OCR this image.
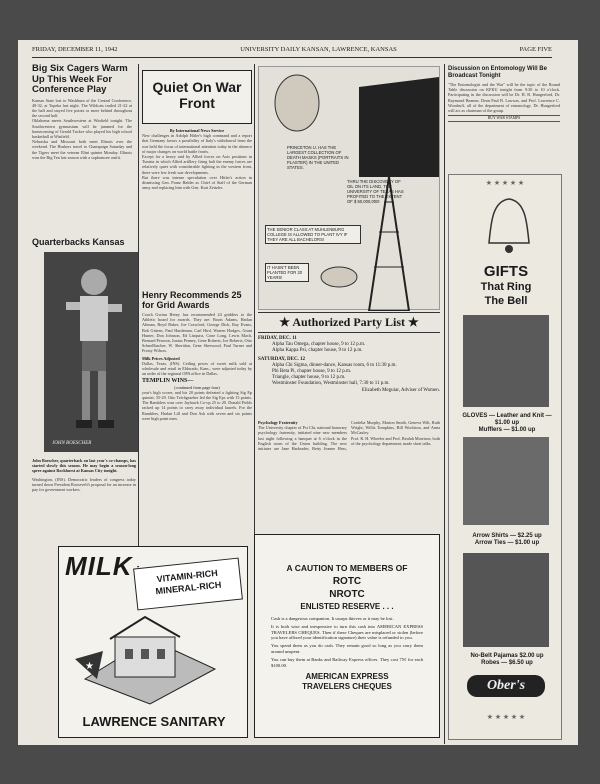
FRIDAY, DECEMBER 11, 1942	UNIVERSITY DAILY KANSAN, LAWRENCE, KANSAS	PAGE FIVE
Big Six Cagers Warm Up This Week For Conference Play

Kansas State lost to Washburn of the Central Conference, 48-32, at Topeka last night. The Wildcats trailed 21-22 at the half and stayed five points or more behind throughout the second half.

Oklahoma meets Southwestern at Winfield tonight. The Southwestern gymnasium will be jammed for the homecoming of Gerald Tucker who played his high school basketball at Winfield.

Nebraska and Missouri both meet Illinois over the weekend. The Huskers travel to Champaign Saturday and the Tigers meet the veteran Illini quintet Monday. Illinois won the Big Ten last season with a sophomore outfit.

Quarterbacks Kansas
JOHN BOESCHER

John Boescher, quarterback on last year's co-champs, has started slowly this season. He may begin a season-long spree against Rockhurst at Kansas City tonight.

Washington, (INS). Democratic leaders of congress today turned down President Roosevelt's proposal for an increase in pay for government workers.

Quiet On War Front

By International News Service

New challenges in Adolph Hitler's high command and a report that Germany favors a possibility of Italy's withdrawal from the war held the focus of international attention today in the absence of major changes on world battle fronts.

Except for a heavy raid by Allied forces on Axis positions in Tunisia in which Allied artillery firing halt the enemy forces are relatively quiet with considerable fighting in the western front, there were few fresh war developments.

But there was intense speculation over Hitler's action in dismissing Gen. Franz Halder as Chief of Staff of the German army and replacing him with Gen. Kurt Zeitzler.

Henry Recommends 25 for Grid Awards

Coach Gwinn Henry has recommended 24 gridders to the Athletic board for awards. They are: Boots Adams, Harlan Altman, Boyd Baker, Joe Crawford, George Dick, Ray Evans, Bob Gittens, Paul Hardeman, Carl Hird, Warren Hodges, Grant Hunter, Don Johnson, Ed Linquist, Cone Long, Lewis Mach, Bernard Pearson, Junius Penney, Gene Roberts, Joe Roberts, Otto Schnellbacher, W. Sheridan, Gene Sherwood, Paul Turner and Frosty Wilson.

Milk Prices Adjusted

Dallas, Texas, (INS). Ceiling prices of sweet milk sold at wholesale and retail in Eldorado, Kans., were adjusted today by an order of the regional OPA office in Dallas.

TEMPLIN WINS—

(continued from page four)

year's high scorer, and his 20 points defeated a fighting Sig Ep quintet, 35-29. Otto Teichgraeber led the Sig Eps with 15 points. The Ramblers won over Jayhawk Co-op 25 to 20. Donald Fields racked up 14 points to carry away individual laurels. For the Ramblers, Harlan Lill and Don Ash with seven and six points were high point men.

PRINCETON U. HAS THE LARGEST COLLECTION OF DEATH MASKS (PORTRAITS IN PLASTER) IN THE UNITED STATES.
THRU THE DISCOVERY OF OIL ON ITS LAND, THE UNIVERSITY OF TEXAS HAS PROFITED TO THE EXTENT OF $ 50,000,000!
THE SENIOR CLASS AT MUHLENBURG COLLEGE IS ALLOWED TO PLANT IVY IF THEY ARE ALL BACHELORS!
IT HASN'T BEEN PLANTED FOR 20 YEARS!
★ Authorized Party List ★
FRIDAY, DEC. 11
Alpha Tau Omega, chapter house, 9 to 12 p.m.
Alpha Kappa Psi, chapter house, 9 to 12 p.m.
SATURDAY, DEC. 12
Alpha Chi Sigma, dinner-dance, Kansas room, 6 to 11:30 p.m.
Phi Beta Pi, chapter house, 9 to 12 p.m.
Triangle, chapter house, 9 to 12 p.m.
Westminster Foundation, Westminster hall, 7:30 to 11 p.m.
Elizabeth Meguiar, Adviser of Women.

Psychology Fraternity

The University chapter of Psi Chi, national honorary psychology fraternity, initiated nine new members last night following a banquet at 6 o'clock in the English room of the Union building. The new initiates are Jane Harkrader, Betty Jeanne Hess, Cordelia Murphy, Marion Smith, Geneva Wilt, Ruth Wright, Willis Tompkins, Bill Woolston, and Anna McCauley.

Prof. R. H. Wheeler and Prof. Beulah Morrison, both of the psychology department, made short talks.

Discussion on Entomology Will Be Broadcast Tonight

"The Entomologist and the War" will be the topic of the Round Table discussion on KFKU tonight from 9:30 to 10 o'clock. Participating in the discussion will be Dr. H. B. Hungerford, Dr. Raymond Beamer, Dean Paul B. Lawson, and Prof. Lawrence C. Woodruff, all of the department of entomology. Dr. Hungerford will act as chairman of the group.

BUY WAR STAMPS

★ ★ ★ ★ ★
GIFTS
That Ring
The Bell
GLOVES — Leather and Knit — $1.00 up
Mufflers — $1.00 up
Arrow Shirts — $2.25 up
Arrow Ties — $1.00 up
No-Belt Pajamas $2.00 up
Robes — $6.50 up
Ober's
★ ★ ★ ★ ★
MILK	VITAMIN-RICH
MINERAL-RICH
★
LAWRENCE SANITARY
A CAUTION TO MEMBERS OF
ROTC
NROTC
ENLISTED RESERVE . . .

Cash is a dangerous companion. It usurps thieves or it may be lost.

It is both wise and inexpensive to turn this cash into AMERICAN EXPRESS TRAVELERS CHEQUES. Then if these Cheques are misplaced or stolen (before you have affixed your identification signature) their value is refunded to you.

You spend them as you do cash. They remain good so long as you carry them around unspent.

You can buy them at Banks and Railway Express offices. They cost 75¢ for each $100.00.

AMERICAN EXPRESS
TRAVELERS CHEQUES
